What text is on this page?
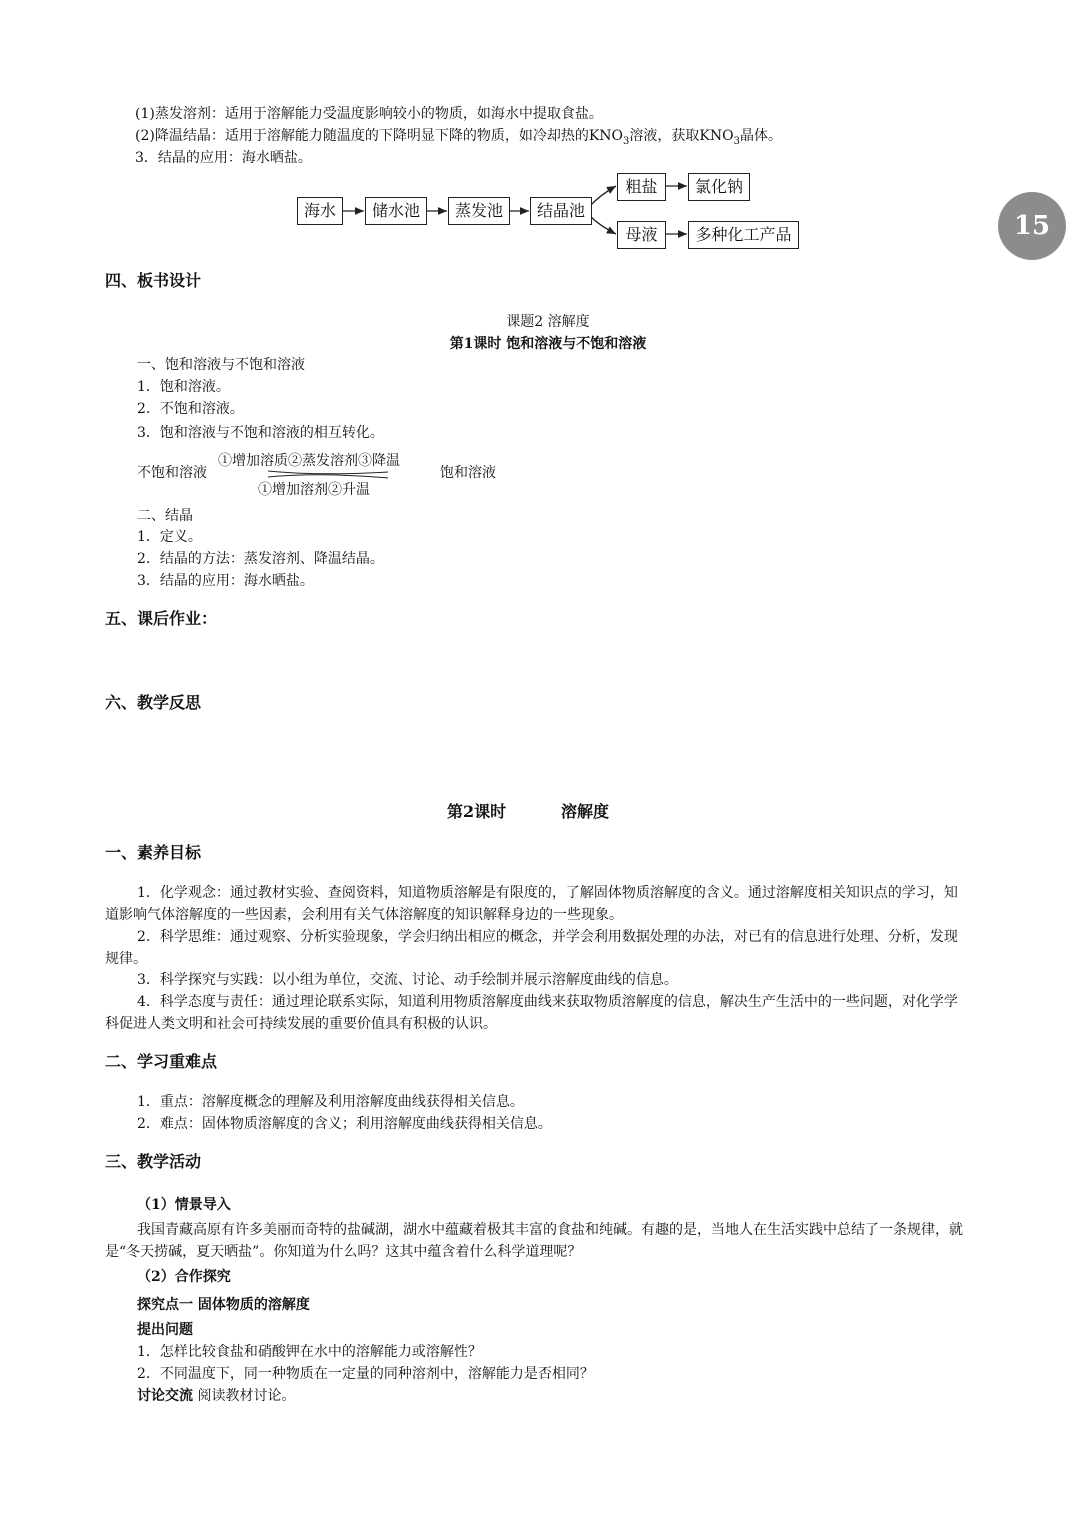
15
(1)蒸发溶剂：适用于溶解能力受温度影响较小的物质，如海水中提取食盐。
(2)降温结晶：适用于溶解能力随温度的下降明显下降的物质，如冷却热的$KNO_3$溶液，获取$KNO_3$晶体。
3．结晶的应用：海水晒盐。
海水	储水池	蒸发池	结晶池
粗盐	氯化钠
母液	多种化工产品
四、板书设计
课题2 溶解度
第1课时 饱和溶液与不饱和溶液
一、饱和溶液与不饱和溶液
1．饱和溶液。
2．不饱和溶液。
3．饱和溶液与不饱和溶液的相互转化。
不饱和溶液
①增加溶质②蒸发溶剂③降温
①增加溶剂②升温
饱和溶液
二、结晶
1．定义。
2．结晶的方法：蒸发溶剂、降温结晶。
3．结晶的应用：海水晒盐。
五、课后作业：
六、教学反思
第2课时	溶解度
一、素养目标
1．化学观念：通过教材实验、查阅资料，知道物质溶解是有限度的，了解固体物质溶解度的含义。通过溶解度相关知识点的学习，知道影响气体溶解度的一些因素，会利用有关气体溶解度的知识解释身边的一些现象。
2．科学思维：通过观察、分析实验现象，学会归纳出相应的概念，并学会利用数据处理的办法，对已有的信息进行处理、分析，发现规律。
3．科学探究与实践：以小组为单位，交流、讨论、动手绘制并展示溶解度曲线的信息。
4．科学态度与责任：通过理论联系实际，知道利用物质溶解度曲线来获取物质溶解度的信息，解决生产生活中的一些问题，对化学学科促进人类文明和社会可持续发展的重要价值具有积极的认识。
二、学习重难点
1．重点：溶解度概念的理解及利用溶解度曲线获得相关信息。
2．难点：固体物质溶解度的含义；利用溶解度曲线获得相关信息。
三、教学活动
（1）情景导入
我国青藏高原有许多美丽而奇特的盐碱湖，湖水中蕴藏着极其丰富的食盐和纯碱。有趣的是，当地人在生活实践中总结了一条规律，就是“冬天捞碱，夏天晒盐”。你知道为什么吗？这其中蕴含着什么科学道理呢？
（2）合作探究
探究点一 固体物质的溶解度
提出问题
1．怎样比较食盐和硝酸钾在水中的溶解能力或溶解性？
2．不同温度下，同一种物质在一定量的同种溶剂中，溶解能力是否相同？
讨论交流 阅读教材讨论。
